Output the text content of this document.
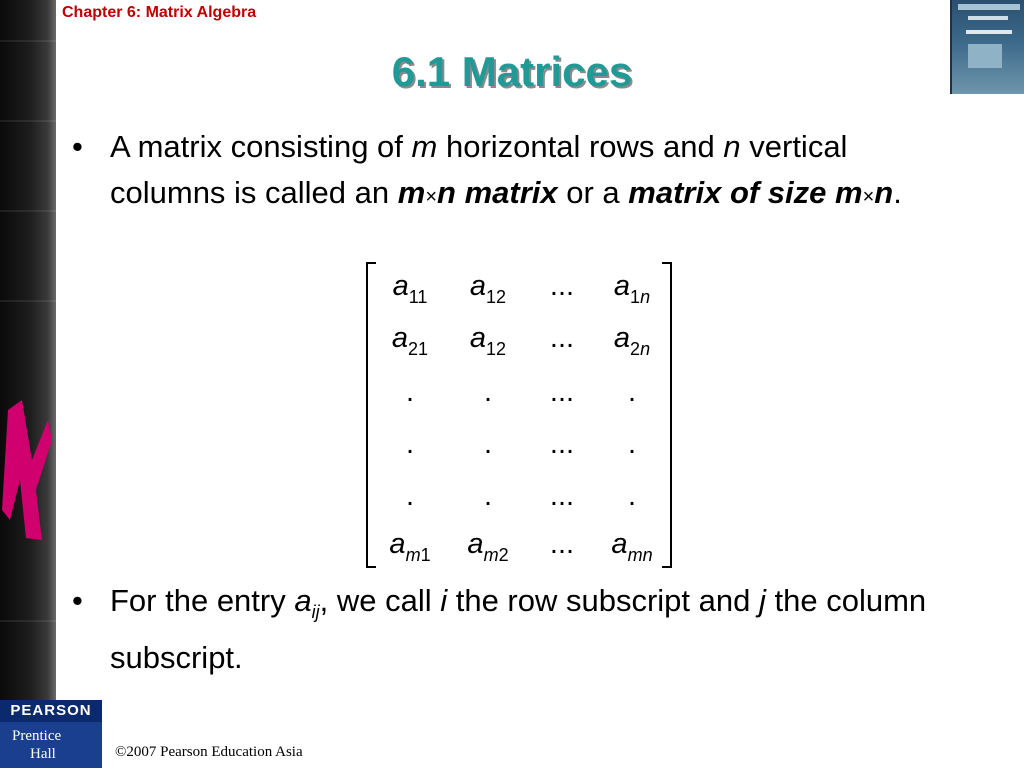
Chapter 6: Matrix Algebra
6.1 Matrices
• A matrix consisting of m horizontal rows and n vertical columns is called an m×n matrix or a matrix of size m×n.
$a_{11}$	$a_{12}$	...	$a_{1n}$
$a_{21}$	$a_{12}$	...	$a_{2n}$
.	.	...	.
.	.	...	.
.	.	...	.
$a_{m1}$	$a_{m2}$	...	$a_{mn}$
• For the entry $a_{ij}$, we call i the row subscript and j the column subscript.
PEARSON
Prentice
Hall	©2007 Pearson Education Asia
